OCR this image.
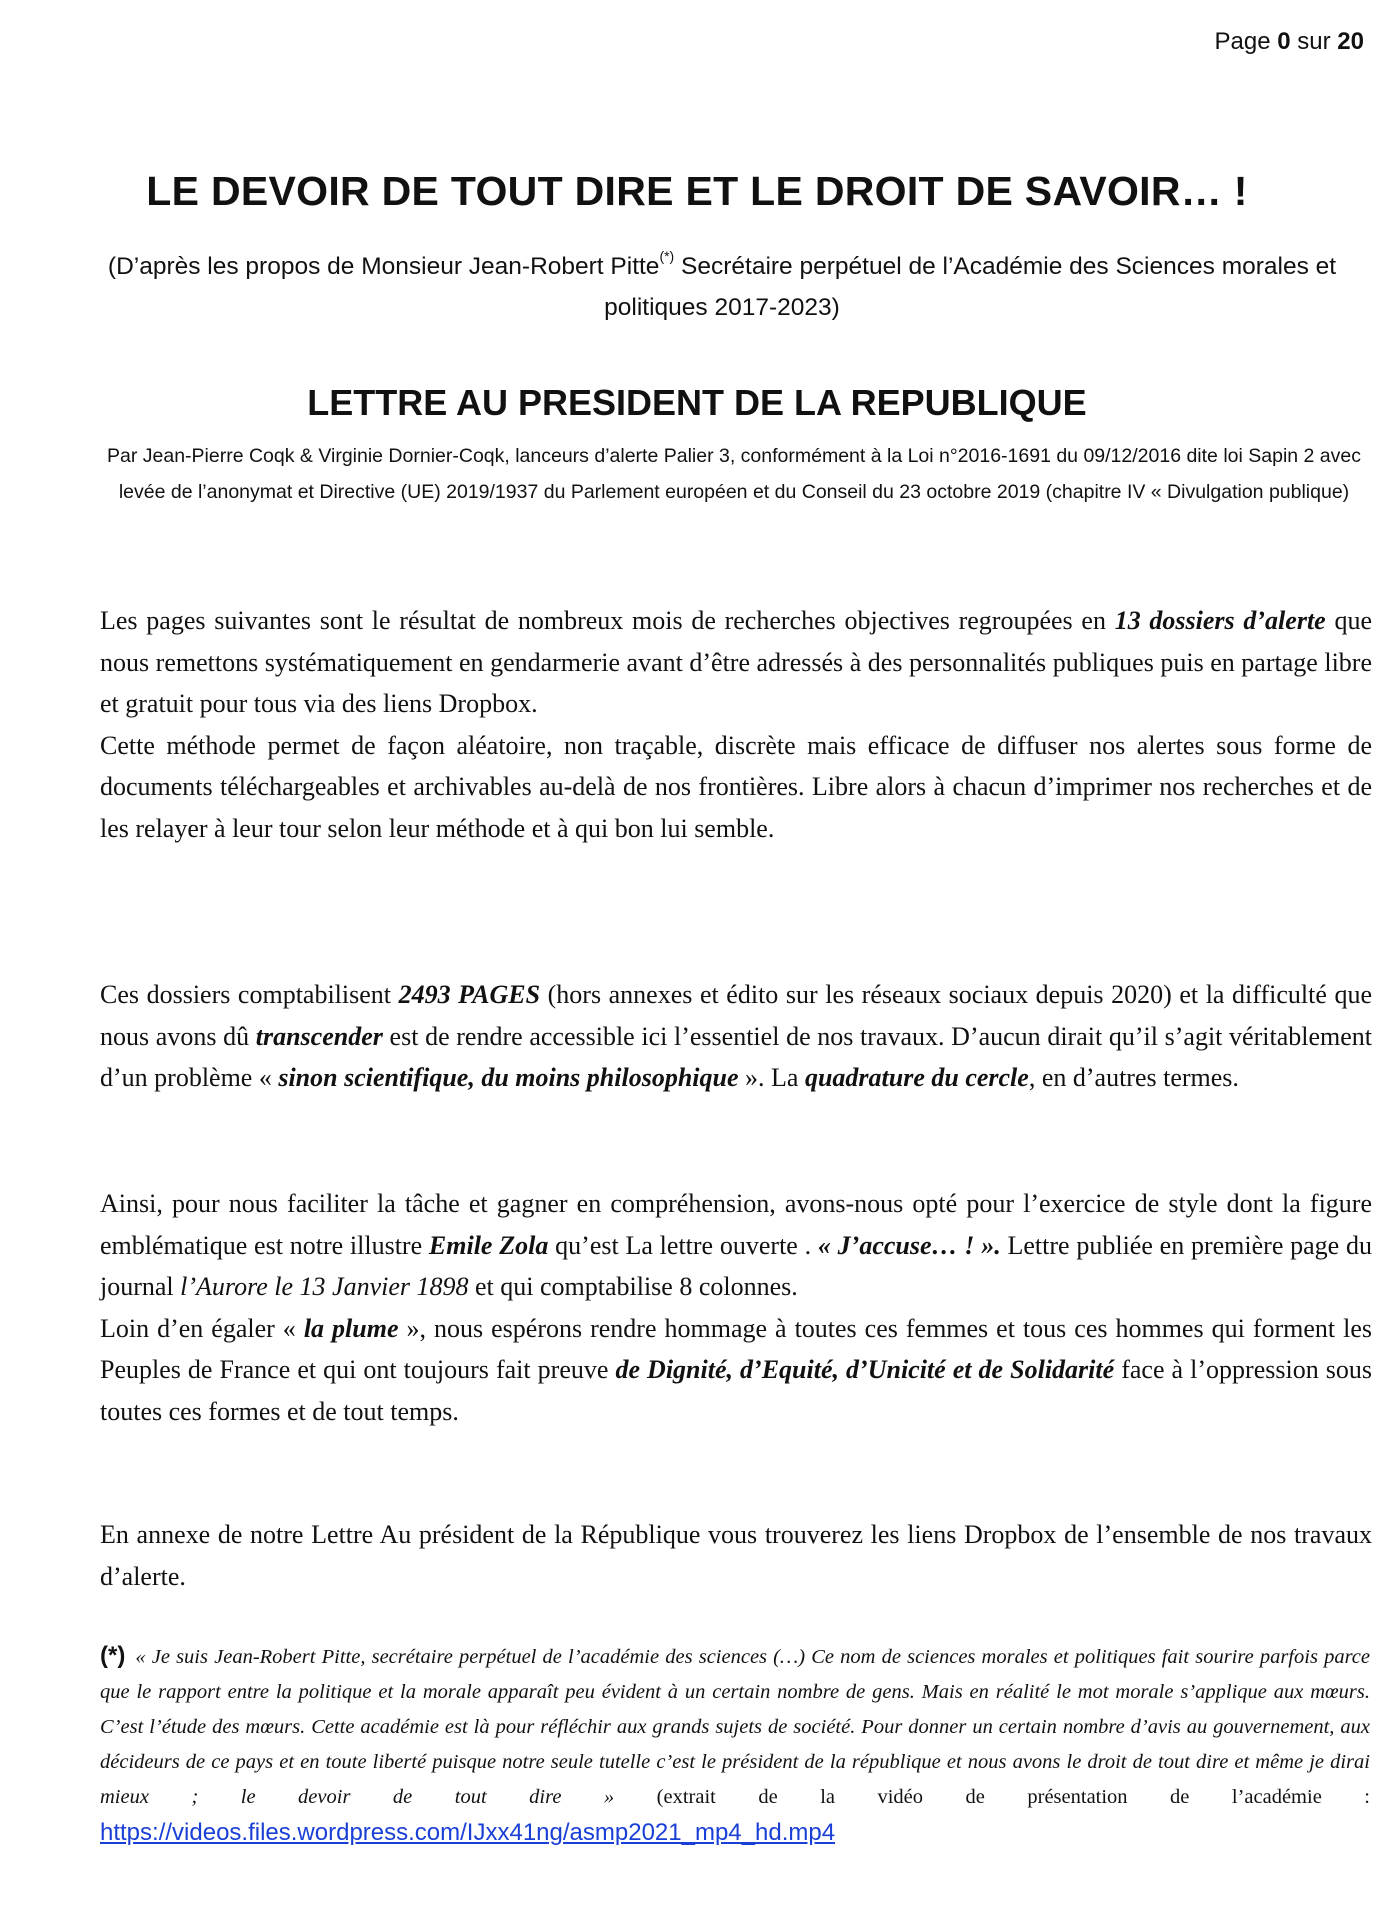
Page 0 sur 20
LE DEVOIR DE TOUT DIRE ET LE DROIT DE SAVOIR… !

(D’après les propos de Monsieur Jean-Robert Pitte(*) Secrétaire perpétuel de l’Académie des Sciences morales et politiques 2017-2023)

LETTRE AU PRESIDENT DE LA REPUBLIQUE

Par Jean-Pierre Coqk & Virginie Dornier-Coqk, lanceurs d’alerte Palier 3, conformément à la Loi n°2016-1691 du 09/12/2016 dite loi Sapin 2 avec levée de l’anonymat et Directive (UE) 2019/1937 du Parlement européen et du Conseil du 23 octobre 2019 (chapitre IV « Divulgation publique)

Les pages suivantes sont le résultat de nombreux mois de recherches objectives regroupées en 13 dossiers d’alerte que nous remettons systématiquement en gendarmerie avant d’être adressés à des personnalités publiques puis en partage libre et gratuit pour tous via des liens Dropbox.

Cette méthode permet de façon aléatoire, non traçable, discrète mais efficace de diffuser nos alertes sous forme de documents téléchargeables et archivables au-delà de nos frontières. Libre alors à chacun d’imprimer nos recherches et de les relayer à leur tour selon leur méthode et à qui bon lui semble.

Ces dossiers comptabilisent 2493 PAGES (hors annexes et édito sur les réseaux sociaux depuis 2020) et la difficulté que nous avons dû transcender est de rendre accessible ici l’essentiel de nos travaux. D’aucun dirait qu’il s’agit véritablement d’un problème « sinon scientifique, du moins philosophique ». La quadrature du cercle, en d’autres termes.

Ainsi, pour nous faciliter la tâche et gagner en compréhension, avons-nous opté pour l’exercice de style dont la figure emblématique est notre illustre Emile Zola qu’est La lettre ouverte . « J’accuse… ! ». Lettre publiée en première page du journal l’Aurore le 13 Janvier 1898 et qui comptabilise 8 colonnes.

Loin d’en égaler « la plume », nous espérons rendre hommage à toutes ces femmes et tous ces hommes qui forment les Peuples de France et qui ont toujours fait preuve de Dignité, d’Equité, d’Unicité et de Solidarité face à l’oppression sous toutes ces formes et de tout temps.

En annexe de notre Lettre Au président de la République vous trouverez les liens Dropbox de l’ensemble de nos travaux d’alerte.

(*) « Je suis Jean-Robert Pitte, secrétaire perpétuel de l’académie des sciences (…) Ce nom de sciences morales et politiques fait sourire parfois parce que le rapport entre la politique et la morale apparaît peu évident à un certain nombre de gens. Mais en réalité le mot morale s’applique aux mœurs. C’est l’étude des mœurs. Cette académie est là pour réfléchir aux grands sujets de société. Pour donner un certain nombre d’avis au gouvernement, aux décideurs de ce pays et en toute liberté puisque notre seule tutelle c’est le président de la république et nous avons le droit de tout dire et même je dirai mieux ; le devoir de tout dire » (extrait de la vidéo de présentation de l’académie : https://videos.files.wordpress.com/IJxx41ng/asmp2021_mp4_hd.mp4
